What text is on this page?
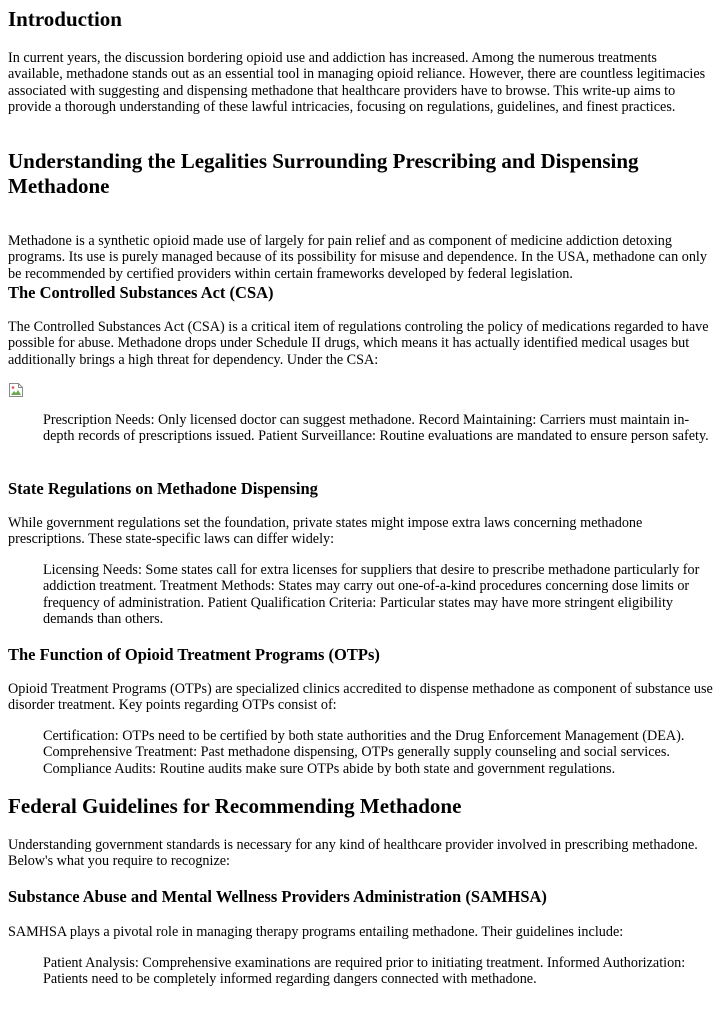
Introduction

In current years, the discussion bordering opioid use and addiction has increased. Among the numerous treatments available, methadone stands out as an essential tool in managing opioid reliance. However, there are countless legitimacies associated with suggesting and dispensing methadone that healthcare providers have to browse. This write-up aims to provide a thorough understanding of these lawful intricacies, focusing on regulations, guidelines, and finest practices.

Understanding the Legalities Surrounding Prescribing and Dispensing Methadone

Methadone is a synthetic opioid made use of largely for pain relief and as component of medicine addiction detoxing programs. Its use is purely managed because of its possibility for misuse and dependence. In the USA, methadone can only be recommended by certified providers within certain frameworks developed by federal legislation.

The Controlled Substances Act (CSA)

The Controlled Substances Act (CSA) is a critical item of regulations controling the policy of medications regarded to have possible for abuse. Methadone drops under Schedule II drugs, which means it has actually identified medical usages but additionally brings a high threat for dependency. Under the CSA:

Prescription Needs: Only licensed doctor can suggest methadone. Record Maintaining: Carriers must maintain in-depth records of prescriptions issued. Patient Surveillance: Routine evaluations are mandated to ensure person safety.
State Regulations on Methadone Dispensing

While government regulations set the foundation, private states might impose extra laws concerning methadone prescriptions. These state-specific laws can differ widely:

Licensing Needs: Some states call for extra licenses for suppliers that desire to prescribe methadone particularly for addiction treatment. Treatment Methods: States may carry out one-of-a-kind procedures concerning dose limits or frequency of administration. Patient Qualification Criteria: Particular states may have more stringent eligibility demands than others.
The Function of Opioid Treatment Programs (OTPs)

Opioid Treatment Programs (OTPs) are specialized clinics accredited to dispense methadone as component of substance use disorder treatment. Key points regarding OTPs consist of:

Certification: OTPs need to be certified by both state authorities and the Drug Enforcement Management (DEA). Comprehensive Treatment: Past methadone dispensing, OTPs generally supply counseling and social services. Compliance Audits: Routine audits make sure OTPs abide by both state and government regulations.
Federal Guidelines for Recommending Methadone

Understanding government standards is necessary for any kind of healthcare provider involved in prescribing methadone. Below's what you require to recognize:

Substance Abuse and Mental Wellness Providers Administration (SAMHSA)

SAMHSA plays a pivotal role in managing therapy programs entailing methadone. Their guidelines include:

Patient Analysis: Comprehensive examinations are required prior to initiating treatment. Informed Authorization: Patients need to be completely informed regarding dangers connected with methadone.
